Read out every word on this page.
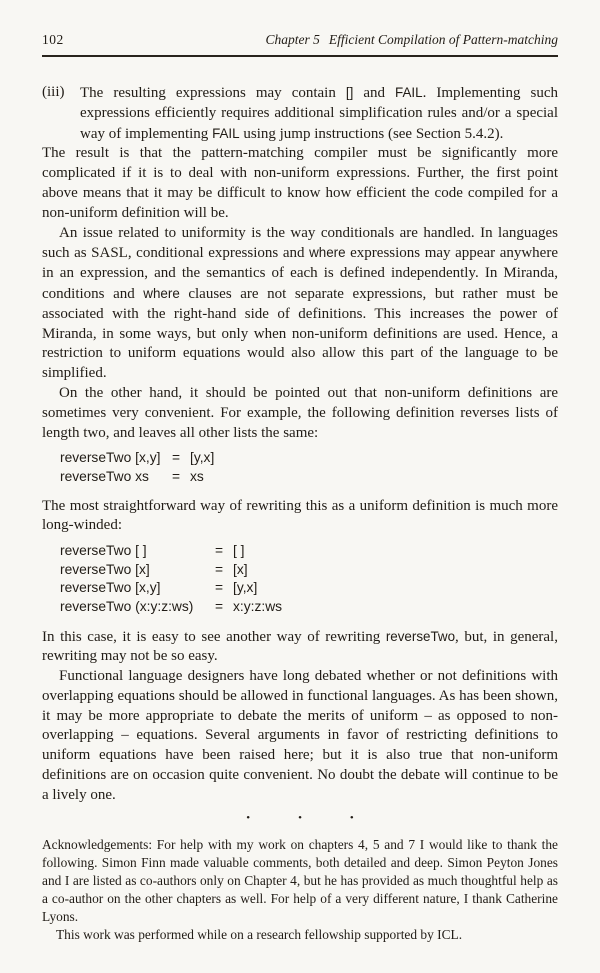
102	Chapter 5 Efficient Compilation of Pattern-matching
(iii)	The resulting expressions may contain [] and FAIL. Implementing such expressions efficiently requires additional simplification rules and/or a special way of implementing FAIL using jump instructions (see Section 5.4.2).

The result is that the pattern-matching compiler must be significantly more complicated if it is to deal with non-uniform expressions. Further, the first point above means that it may be difficult to know how efficient the code compiled for a non-uniform definition will be.

An issue related to uniformity is the way conditionals are handled. In languages such as SASL, conditional expressions and where expressions may appear anywhere in an expression, and the semantics of each is defined independently. In Miranda, conditions and where clauses are not separate expressions, but rather must be associated with the right-hand side of definitions. This increases the power of Miranda, in some ways, but only when non-uniform definitions are used. Hence, a restriction to uniform equations would also allow this part of the language to be simplified.

On the other hand, it should be pointed out that non-uniform definitions are sometimes very convenient. For example, the following definition reverses lists of length two, and leaves all other lists the same:

reverseTwo [x,y] = [y,x]
reverseTwo xs	= xs

The most straightforward way of rewriting this as a uniform definition is much more long-winded:

reverseTwo [ ]	= [ ]
reverseTwo [x]	= [x]
reverseTwo [x,y]	= [y,x]
reverseTwo (x:y:z:ws)	= x:y:z:ws

In this case, it is easy to see another way of rewriting reverseTwo, but, in general, rewriting may not be so easy.

Functional language designers have long debated whether or not definitions with overlapping equations should be allowed in functional languages. As has been shown, it may be more appropriate to debate the merits of uniform – as opposed to non-overlapping – equations. Several arguments in favor of restricting definitions to uniform equations have been raised here; but it is also true that non-uniform definitions are on occasion quite convenient. No doubt the debate will continue to be a lively one.

•	•	•

Acknowledgements: For help with my work on chapters 4, 5 and 7 I would like to thank the following. Simon Finn made valuable comments, both detailed and deep. Simon Peyton Jones and I are listed as co-authors only on Chapter 4, but he has provided as much thoughtful help as a co-author on the other chapters as well. For help of a very different nature, I thank Catherine Lyons.

This work was performed while on a research fellowship supported by ICL.
